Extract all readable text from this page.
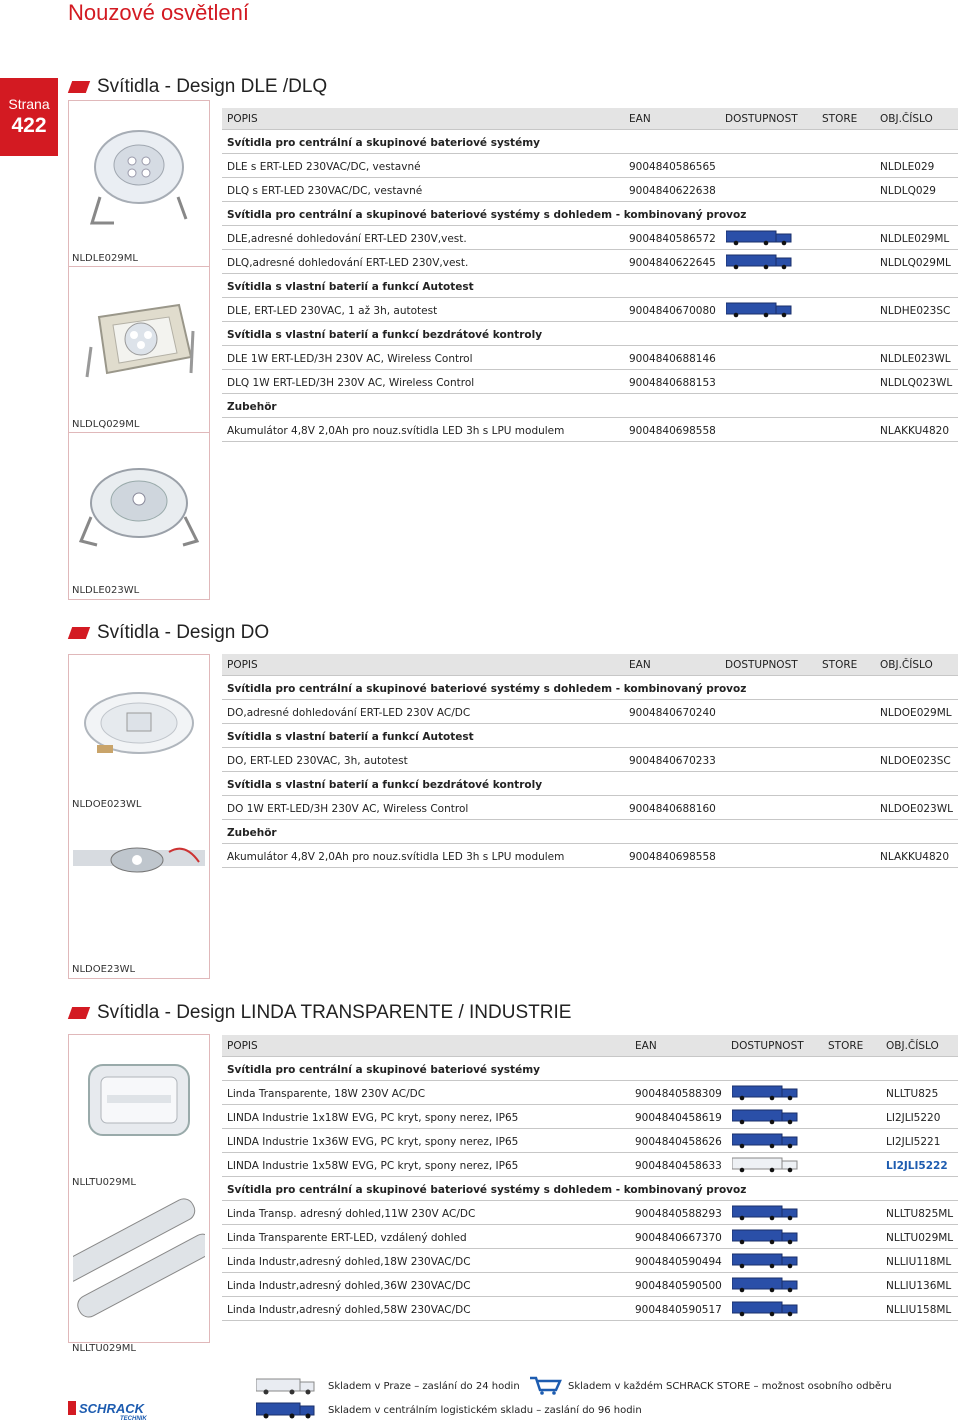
Nouzové osvětlení
Strana
422
Svítidla - Design DLE /DLQ
NLDLE029ML
NLDLQ029ML
NLDLE023WL
POPIS	EAN	DOSTUPNOST STORE OBJ.ČÍSLO
Svítidla pro centrální a skupinové bateriové systémy
DLE s ERT-LED 230VAC/DC, vestavné	9004840586565	NLDLE029
DLQ s ERT-LED 230VAC/DC, vestavné	9004840622638	NLDLQ029
Svítidla pro centrální a skupinové bateriové systémy s dohledem - kombinovaný provoz
DLE,adresné dohledování ERT-LED 230V,vest.	9004840586572	NLDLE029ML
DLQ,adresné dohledování ERT-LED 230V,vest.	9004840622645	NLDLQ029ML
Svítidla s vlastní baterií a funkcí Autotest
DLE, ERT-LED 230VAC, 1 až 3h, autotest	9004840670080	NLDHE023SC
Svítidla s vlastní baterií a funkcí bezdrátové kontroly
DLE 1W ERT-LED/3H 230V AC, Wireless Control	9004840688146	NLDLE023WL
DLQ 1W ERT-LED/3H 230V AC, Wireless Control	9004840688153	NLDLQ023WL
Zubehör
Akumulátor 4,8V 2,0Ah pro nouz.svítidla LED 3h s LPU modulem	9004840698558	NLAKKU4820
Svítidla - Design DO
NLDOE023WL
NLDOE23WL
POPIS	EAN	DOSTUPNOST STORE OBJ.ČÍSLO
Svítidla pro centrální a skupinové bateriové systémy s dohledem - kombinovaný provoz
DO,adresné dohledování ERT-LED 230V AC/DC	9004840670240	NLDOE029ML
Svítidla s vlastní baterií a funkcí Autotest
DO, ERT-LED 230VAC, 3h, autotest	9004840670233	NLDOE023SC
Svítidla s vlastní baterií a funkcí bezdrátové kontroly
DO 1W ERT-LED/3H 230V AC, Wireless Control	9004840688160	NLDOE023WL
Zubehör
Akumulátor 4,8V 2,0Ah pro nouz.svítidla LED 3h s LPU modulem	9004840698558	NLAKKU4820
Svítidla - Design LINDA TRANSPARENTE / INDUSTRIE
NLLTU029ML
NLLTU029ML
POPIS	EAN	DOSTUPNOST STORE OBJ.ČÍSLO
Svítidla pro centrální a skupinové bateriové systémy
Linda Transparente, 18W 230V AC/DC	9004840588309	NLLTU825
LINDA Industrie 1x18W EVG, PC kryt, spony nerez, IP65	9004840458619	LI2JLI5220
LINDA Industrie 1x36W EVG, PC kryt, spony nerez, IP65	9004840458626	LI2JLI5221
LINDA Industrie 1x58W EVG, PC kryt, spony nerez, IP65	9004840458633	LI2JLI5222
Svítidla pro centrální a skupinové bateriové systémy s dohledem - kombinovaný provoz
Linda Transp. adresný dohled,11W 230V AC/DC	9004840588293	NLLTU825ML
Linda Transparente ERT-LED, vzdálený dohled	9004840667370	NLLTU029ML
Linda Industr,adresný dohled,18W 230VAC/DC	9004840590494	NLLIU118ML
Linda Industr,adresný dohled,36W 230VAC/DC	9004840590500	NLLIU136ML
Linda Industr,adresný dohled,58W 230VAC/DC	9004840590517	NLLIU158ML
Skladem v Praze – zaslání do 24 hodin	Skladem v každém SCHRACK STORE – možnost osobního odběru
Skladem v centrálním logistickém skladu – zaslání do 96 hodin
SCHRACK
TECHNIK
